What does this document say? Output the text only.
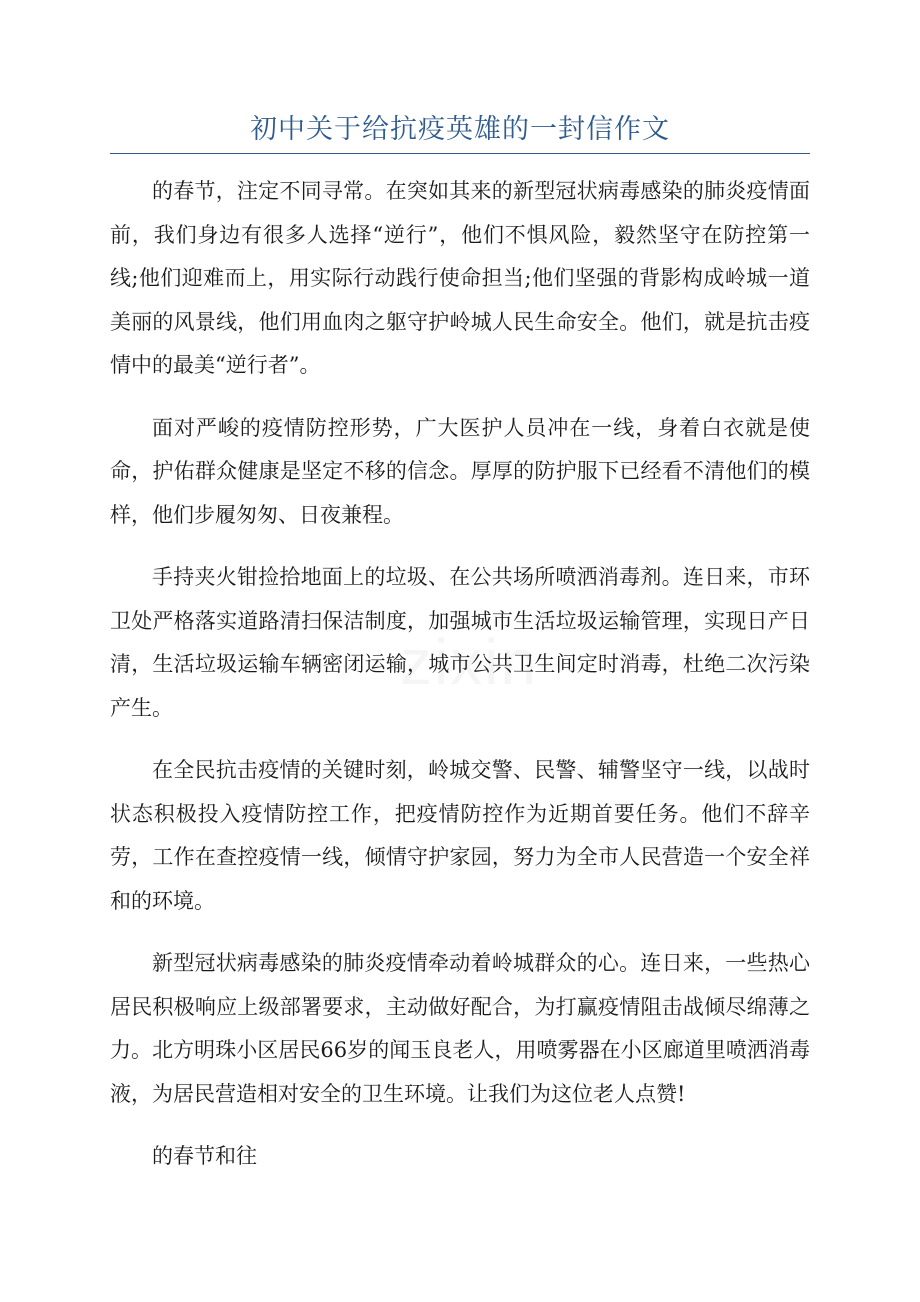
初中关于给抗疫英雄的一封信作文

的春节，注定不同寻常。在突如其来的新型冠状病毒感染的肺炎疫情面前，我们身边有很多人选择“逆行”，他们不惧风险，毅然坚守在防控第一线;他们迎难而上，用实际行动践行使命担当;他们坚强的背影构成岭城一道美丽的风景线，他们用血肉之躯守护岭城人民生命安全。他们，就是抗击疫情中的最美“逆行者”。

面对严峻的疫情防控形势，广大医护人员冲在一线，身着白衣就是使命，护佑群众健康是坚定不移的信念。厚厚的防护服下已经看不清他们的模样，他们步履匆匆、日夜兼程。

手持夹火钳捡拾地面上的垃圾、在公共场所喷洒消毒剂。连日来，市环卫处严格落实道路清扫保洁制度，加强城市生活垃圾运输管理，实现日产日清，生活垃圾运输车辆密闭运输，城市公共卫生间定时消毒，杜绝二次污染产生。

在全民抗击疫情的关键时刻，岭城交警、民警、辅警坚守一线，以战时状态积极投入疫情防控工作，把疫情防控作为近期首要任务。他们不辞辛劳，工作在查控疫情一线，倾情守护家园，努力为全市人民营造一个安全祥和的环境。

新型冠状病毒感染的肺炎疫情牵动着岭城群众的心。连日来，一些热心居民积极响应上级部署要求，主动做好配合，为打赢疫情阻击战倾尽绵薄之力。北方明珠小区居民66岁的闻玉良老人，用喷雾器在小区廊道里喷洒消毒液，为居民营造相对安全的卫生环境。让我们为这位老人点赞!

的春节和往
